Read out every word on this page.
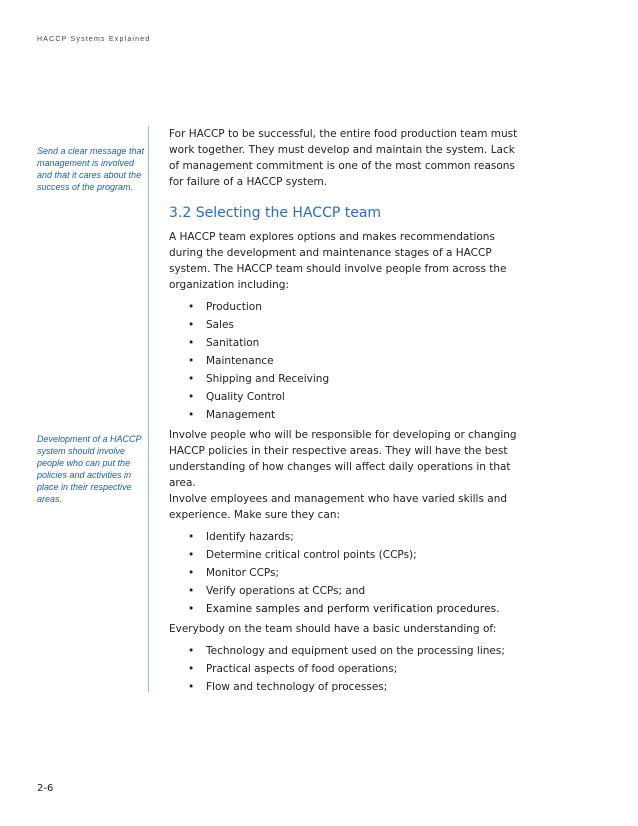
HACCP Systems Explained
Send a clear message that management is involved and that it cares about the success of the program.
Development of a HACCP system should involve people who can put the policies and activities in place in their respective areas.

For HACCP to be successful, the entire food production team must work together. They must develop and maintain the system. Lack of management commitment is one of the most common reasons for failure of a HACCP system.

3.2 Selecting the HACCP team

A HACCP team explores options and makes recommendations during the development and maintenance stages of a HACCP system. The HACCP team should involve people from across the organization including:

• Production
• Sales
• Sanitation
• Maintenance
• Shipping and Receiving
• Quality Control
• Management

Involve people who will be responsible for developing or changing HACCP policies in their respective areas. They will have the best understanding of how changes will affect daily operations in that area.

Involve employees and management who have varied skills and experience. Make sure they can:

• Identify hazards;
• Determine critical control points (CCPs);
• Monitor CCPs;
• Verify operations at CCPs; and
• Examine samples and perform verification procedures.

Everybody on the team should have a basic understanding of:

• Technology and equipment used on the processing lines;
• Practical aspects of food operations;
• Flow and technology of processes;
2-6
